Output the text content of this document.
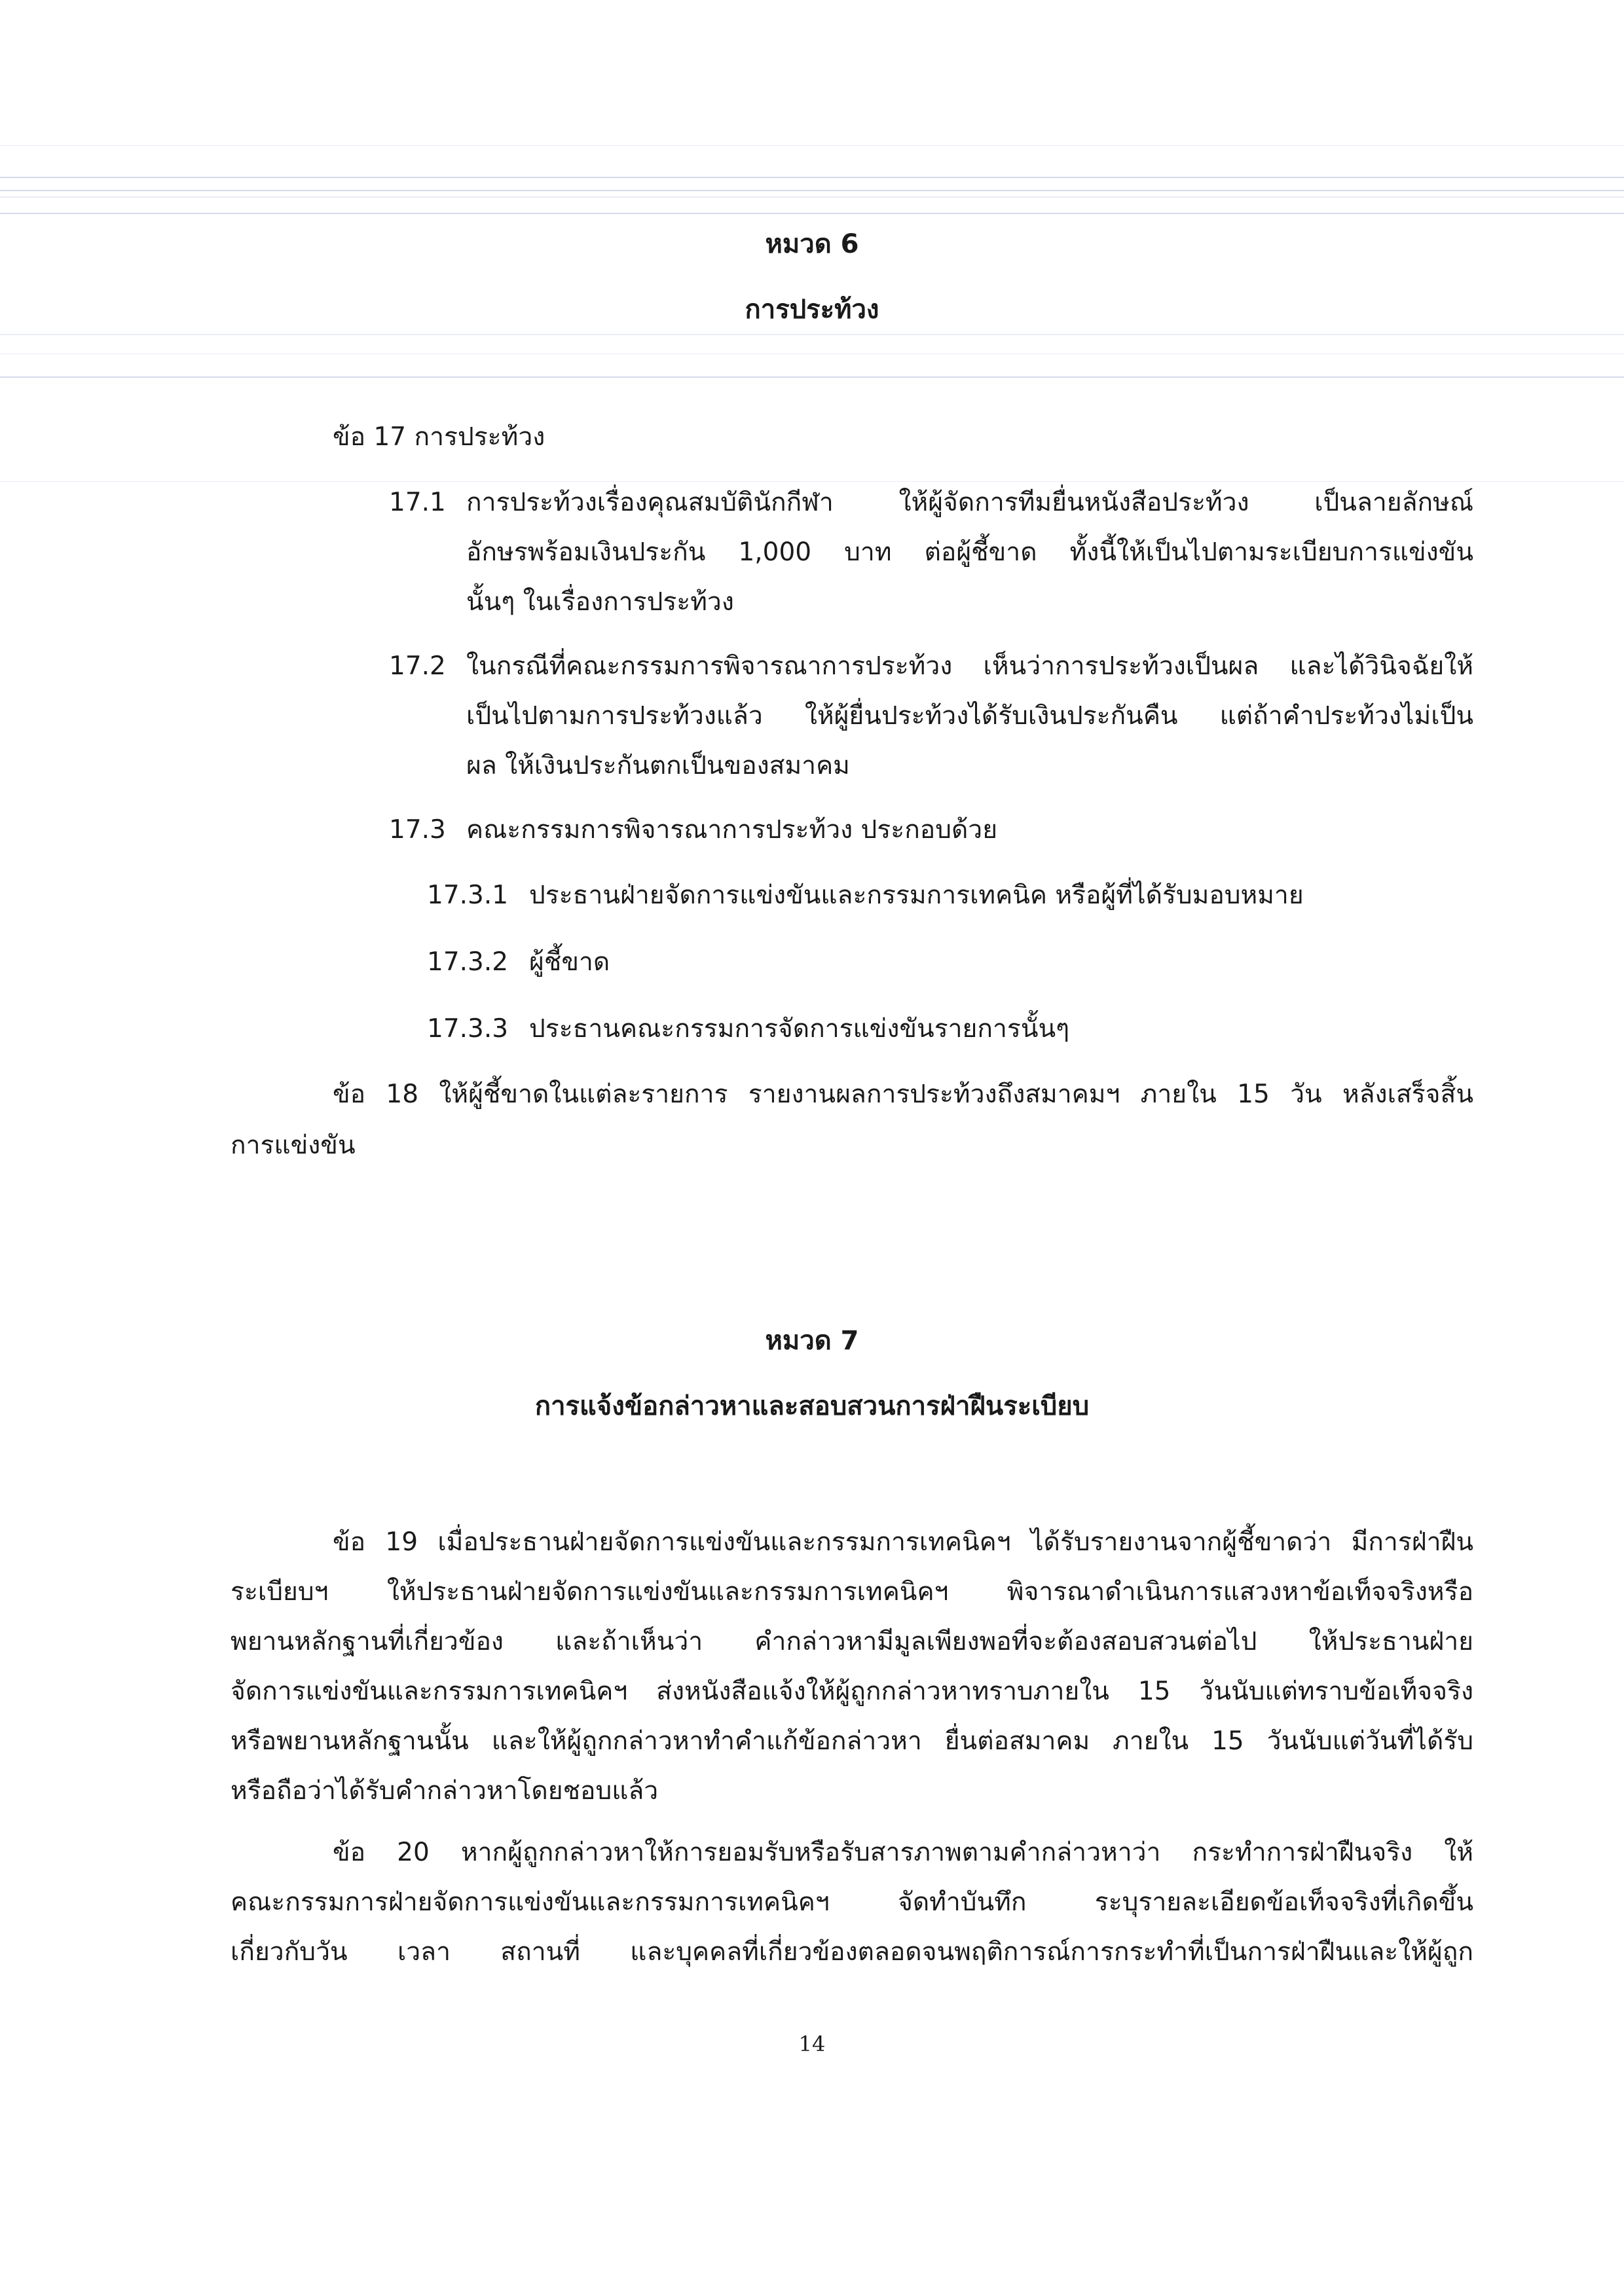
หมวด 6
การประท้วง
ข้อ 17 การประท้วง
17.1 การประท้วงเรื่องคุณสมบัตินักกีฬา ให้ผู้จัดการทีมยื่นหนังสือประท้วง เป็นลายลักษณ์
อักษรพร้อมเงินประกัน 1,000 บาท ต่อผู้ชี้ขาด ทั้งนี้ให้เป็นไปตามระเบียบการแข่งขัน
นั้นๆ ในเรื่องการประท้วง
17.2 ในกรณีที่คณะกรรมการพิจารณาการประท้วง เห็นว่าการประท้วงเป็นผล และได้วินิจฉัยให้
เป็นไปตามการประท้วงแล้ว ให้ผู้ยื่นประท้วงได้รับเงินประกันคืน แต่ถ้าคำประท้วงไม่เป็น
ผล ให้เงินประกันตกเป็นของสมาคม
17.3 คณะกรรมการพิจารณาการประท้วง ประกอบด้วย
17.3.1 ประธานฝ่ายจัดการแข่งขันและกรรมการเทคนิค หรือผู้ที่ได้รับมอบหมาย
17.3.2 ผู้ชี้ขาด
17.3.3 ประธานคณะกรรมการจัดการแข่งขันรายการนั้นๆ
ข้อ 18 ให้ผู้ชี้ขาดในแต่ละรายการ รายงานผลการประท้วงถึงสมาคมฯ ภายใน 15 วัน หลังเสร็จสิ้น
การแข่งขัน
หมวด 7
การแจ้งข้อกล่าวหาและสอบสวนการฝ่าฝืนระเบียบ
ข้อ 19 เมื่อประธานฝ่ายจัดการแข่งขันและกรรมการเทคนิคฯ ได้รับรายงานจากผู้ชี้ขาดว่า มีการฝ่าฝืน
ระเบียบฯ ให้ประธานฝ่ายจัดการแข่งขันและกรรมการเทคนิคฯ พิจารณาดำเนินการแสวงหาข้อเท็จจริงหรือ
พยานหลักฐานที่เกี่ยวข้อง และถ้าเห็นว่า คำกล่าวหามีมูลเพียงพอที่จะต้องสอบสวนต่อไป ให้ประธานฝ่าย
จัดการแข่งขันและกรรมการเทคนิคฯ ส่งหนังสือแจ้งให้ผู้ถูกกล่าวหาทราบภายใน 15 วันนับแต่ทราบข้อเท็จจริง
หรือพยานหลักฐานนั้น และให้ผู้ถูกกล่าวหาทำคำแก้ข้อกล่าวหา ยื่นต่อสมาคม ภายใน 15 วันนับแต่วันที่ได้รับ
หรือถือว่าได้รับคำกล่าวหาโดยชอบแล้ว
ข้อ 20 หากผู้ถูกกล่าวหาให้การยอมรับหรือรับสารภาพตามคำกล่าวหาว่า กระทำการฝ่าฝืนจริง ให้
คณะกรรมการฝ่ายจัดการแข่งขันและกรรมการเทคนิคฯ จัดทำบันทึก ระบุรายละเอียดข้อเท็จจริงที่เกิดขึ้น
เกี่ยวกับวัน เวลา สถานที่ และบุคคลที่เกี่ยวข้องตลอดจนพฤติการณ์การกระทำที่เป็นการฝ่าฝืนและให้ผู้ถูก
14
